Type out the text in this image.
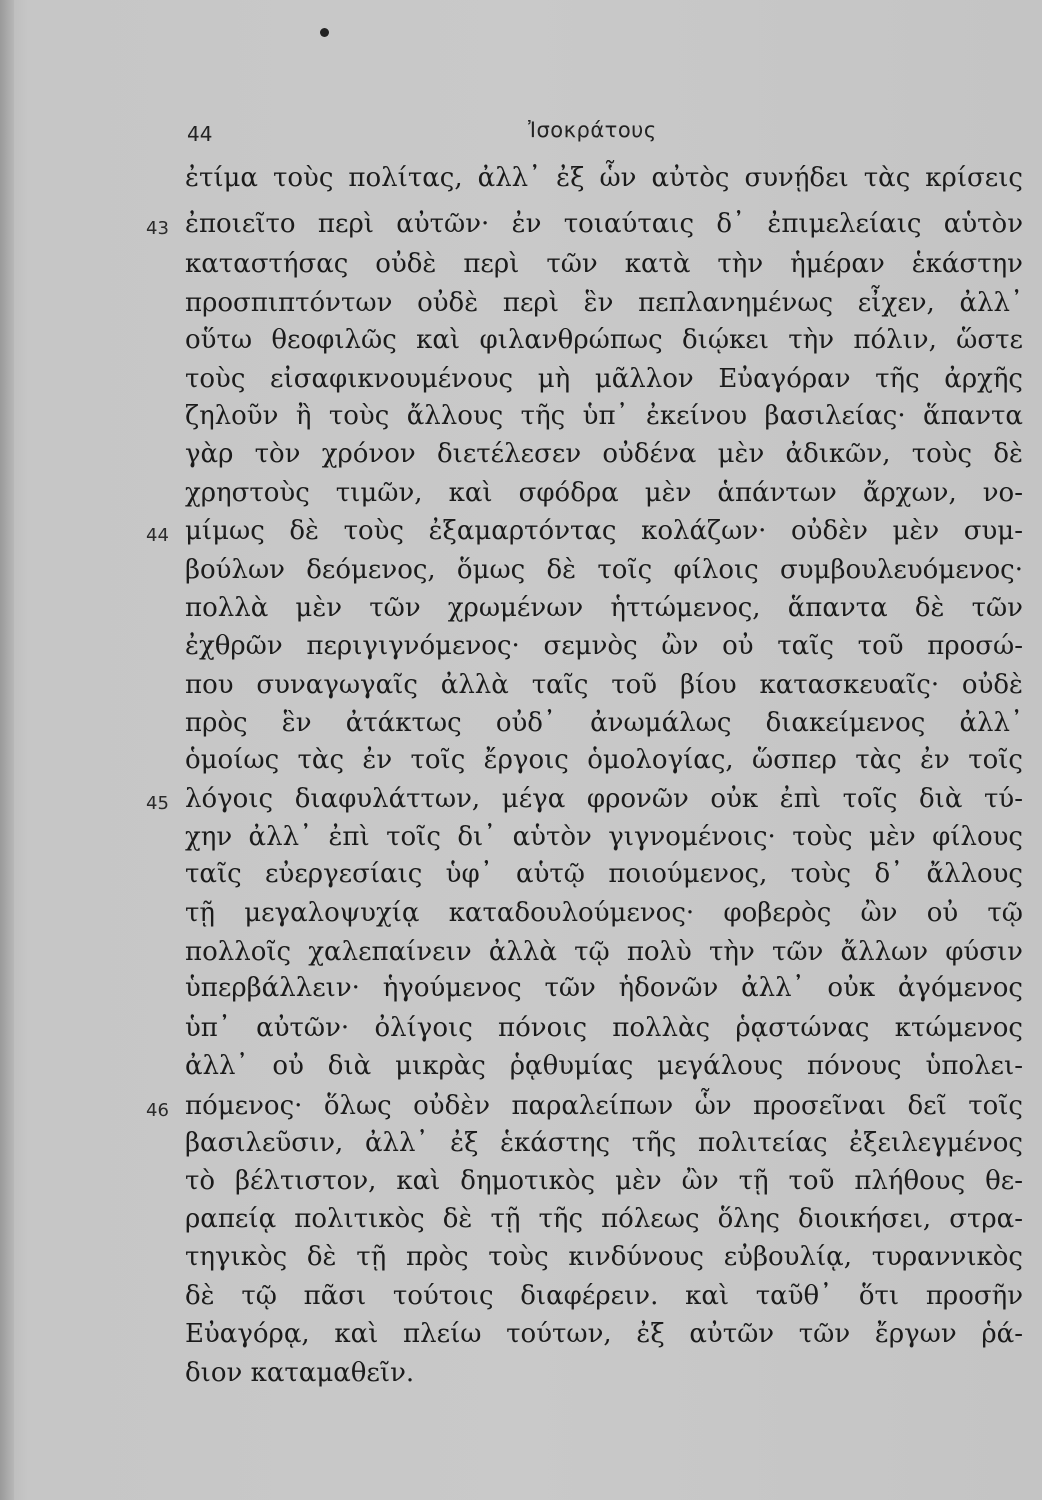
44	Ἰσοκράτους
ἐτίμα τοὺς πολίτας, ἀλλ᾽ ἐξ ὧν αὐτὸς συνῄδει τὰς κρίσεις
ἐποιεῖτο περὶ αὐτῶν· ἐν τοιαύταις δ᾽ ἐπιμελείαις αὑτὸν
καταστήσας οὐδὲ περὶ τῶν κατὰ τὴν ἡμέραν ἑκάστην
προσπιπτόντων οὐδὲ περὶ ἓν πεπλανημένως εἶχεν, ἀλλ᾽
οὕτω θεοφιλῶς καὶ φιλανθρώπως διῴκει τὴν πόλιν, ὥστε
τοὺς εἰσαφικνουμένους μὴ μᾶλλον Εὐαγόραν τῆς ἀρχῆς
ζηλοῦν ἢ τοὺς ἄλλους τῆς ὑπ᾽ ἐκείνου βασιλείας· ἅπαντα
γὰρ τὸν χρόνον διετέλεσεν οὐδένα μὲν ἀδικῶν, τοὺς δὲ
χρηστοὺς τιμῶν, καὶ σφόδρα μὲν ἁπάντων ἄρχων, νο-
μίμως δὲ τοὺς ἐξαμαρτόντας κολάζων· οὐδὲν μὲν συμ-
βούλων δεόμενος, ὅμως δὲ τοῖς φίλοις συμβουλευόμενος·
πολλὰ μὲν τῶν χρωμένων ἡττώμενος, ἅπαντα δὲ τῶν
ἐχθρῶν περιγιγνόμενος· σεμνὸς ὢν οὐ ταῖς τοῦ προσώ-
που συναγωγαῖς ἀλλὰ ταῖς τοῦ βίου κατασκευαῖς· οὐδὲ
πρὸς ἓν ἀτάκτως οὐδ᾽ ἀνωμάλως διακείμενος ἀλλ᾽
ὁμοίως τὰς ἐν τοῖς ἔργοις ὁμολογίας, ὥσπερ τὰς ἐν τοῖς
λόγοις διαφυλάττων, μέγα φρονῶν οὐκ ἐπὶ τοῖς διὰ τύ-
χην ἀλλ᾽ ἐπὶ τοῖς δι᾽ αὑτὸν γιγνομένοις· τοὺς μὲν φίλους
ταῖς εὐεργεσίαις ὑφ᾽ αὑτῷ ποιούμενος, τοὺς δ᾽ ἄλλους
τῇ μεγαλοψυχίᾳ καταδουλούμενος· φοβερὸς ὢν οὐ τῷ
πολλοῖς χαλεπαίνειν ἀλλὰ τῷ πολὺ τὴν τῶν ἄλλων φύσιν
ὑπερβάλλειν· ἡγούμενος τῶν ἡδονῶν ἀλλ᾽ οὐκ ἀγόμενος
ὑπ᾽ αὐτῶν· ὀλίγοις πόνοις πολλὰς ῥᾳστώνας κτώμενος
ἀλλ᾽ οὐ διὰ μικρὰς ῥᾳθυμίας μεγάλους πόνους ὑπολει-
πόμενος· ὅλως οὐδὲν παραλείπων ὧν προσεῖναι δεῖ τοῖς
βασιλεῦσιν, ἀλλ᾽ ἐξ ἑκάστης τῆς πολιτείας ἐξειλεγμένος
τὸ βέλτιστον, καὶ δημοτικὸς μὲν ὢν τῇ τοῦ πλήθους θε-
ραπείᾳ πολιτικὸς δὲ τῇ τῆς πόλεως ὅλης διοικήσει, στρα-
τηγικὸς δὲ τῇ πρὸς τοὺς κινδύνους εὐβουλίᾳ, τυραννικὸς
δὲ τῷ πᾶσι τούτοις διαφέρειν. καὶ ταῦθ᾽ ὅτι προσῆν
Εὐαγόρᾳ, καὶ πλείω τούτων, ἐξ αὐτῶν τῶν ἔργων ῥά-
διον καταμαθεῖν.
43
44
45
46
